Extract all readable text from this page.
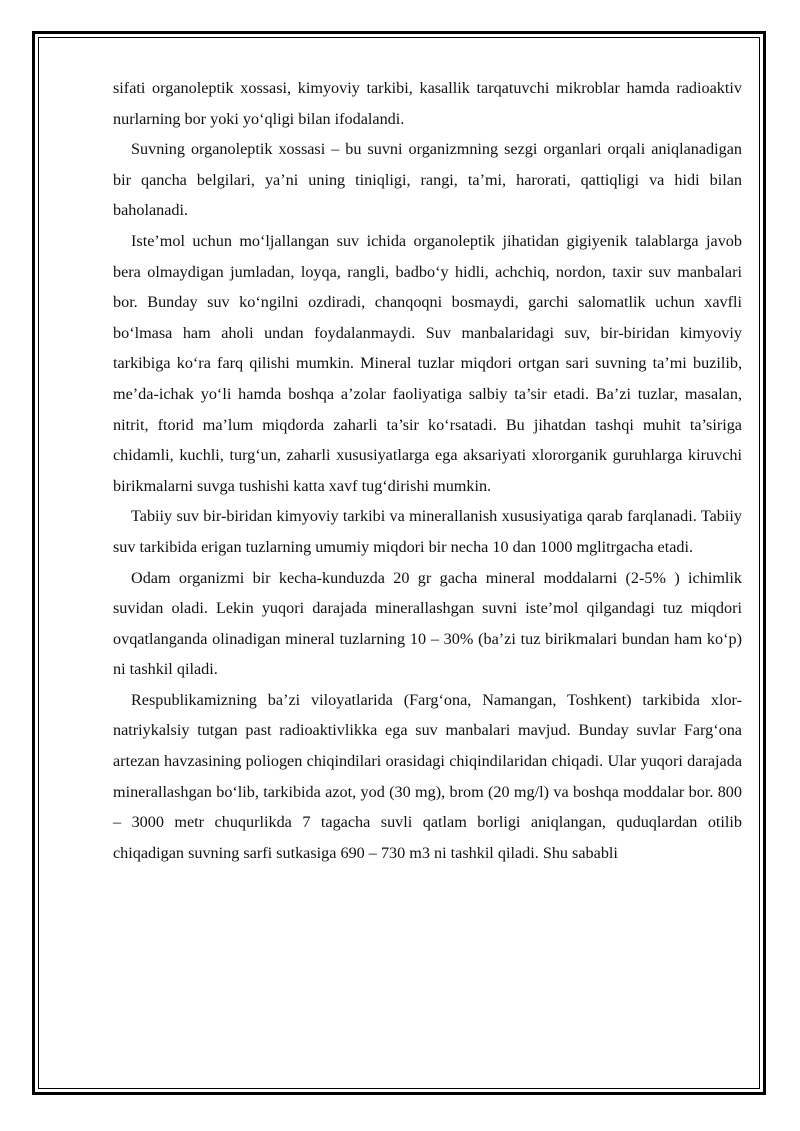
sifati organoleptik xossasi, kimyoviy tarkibi, kasallik tarqatuvchi mikroblar hamda radioaktiv nurlarning bor yoki yo‘qligi bilan ifodalandi.

Suvning organoleptik xossasi – bu suvni organizmning sezgi organlari orqali aniqlanadigan bir qancha belgilari, ya’ni uning tiniqligi, rangi, ta’mi, harorati, qattiqligi va hidi bilan baholanadi.

Iste’mol uchun mo‘ljallangan suv ichida organoleptik jihatidan gigiyenik talablarga javob bera olmaydigan jumladan, loyqa, rangli, badbo‘y hidli, achchiq, nordon, taxir suv manbalari bor. Bunday suv ko‘ngilni ozdiradi, chanqoqni bosmaydi, garchi salomatlik uchun xavfli bo‘lmasa ham aholi undan foydalanmaydi. Suv manbalaridagi suv, bir-biridan kimyoviy tarkibiga ko‘ra farq qilishi mumkin. Mineral tuzlar miqdori ortgan sari suvning ta’mi buzilib, me’da-ichak yo‘li hamda boshqa a’zolar faoliyatiga salbiy ta’sir etadi. Ba’zi tuzlar, masalan, nitrit, ftorid ma’lum miqdorda zaharli ta’sir ko‘rsatadi. Bu jihatdan tashqi muhit ta’siriga chidamli, kuchli, turg‘un, zaharli xususiyatlarga ega aksariyati xlororganik guruhlarga kiruvchi birikmalarni suvga tushishi katta xavf tug‘dirishi mumkin.

Tabiiy suv bir-biridan kimyoviy tarkibi va minerallanish xususiyatiga qarab farqlanadi. Tabiiy suv tarkibida erigan tuzlarning umumiy miqdori bir necha 10 dan 1000 mglitrgacha etadi.

Odam organizmi bir kecha-kunduzda 20 gr gacha mineral moddalarni (2-5% ) ichimlik suvidan oladi. Lekin yuqori darajada minerallashgan suvni iste’mol qilgandagi tuz miqdori ovqatlanganda olinadigan mineral tuzlarning 10 – 30% (ba’zi tuz birikmalari bundan ham ko‘p) ni tashkil qiladi.

Respublikamizning ba’zi viloyatlarida (Farg‘ona, Namangan, Toshkent) tarkibida xlor-natriykalsiy tutgan past radioaktivlikka ega suv manbalari mavjud. Bunday suvlar Farg‘ona artezan havzasining poliogen chiqindilari orasidagi chiqindilaridan chiqadi. Ular yuqori darajada minerallashgan bo‘lib, tarkibida azot, yod (30 mg), brom (20 mg/l) va boshqa moddalar bor. 800 – 3000 metr chuqurlikda 7 tagacha suvli qatlam borligi aniqlangan, quduqlardan otilib chiqadigan suvning sarfi sutkasiga 690 – 730 m3 ni tashkil qiladi. Shu sababli
